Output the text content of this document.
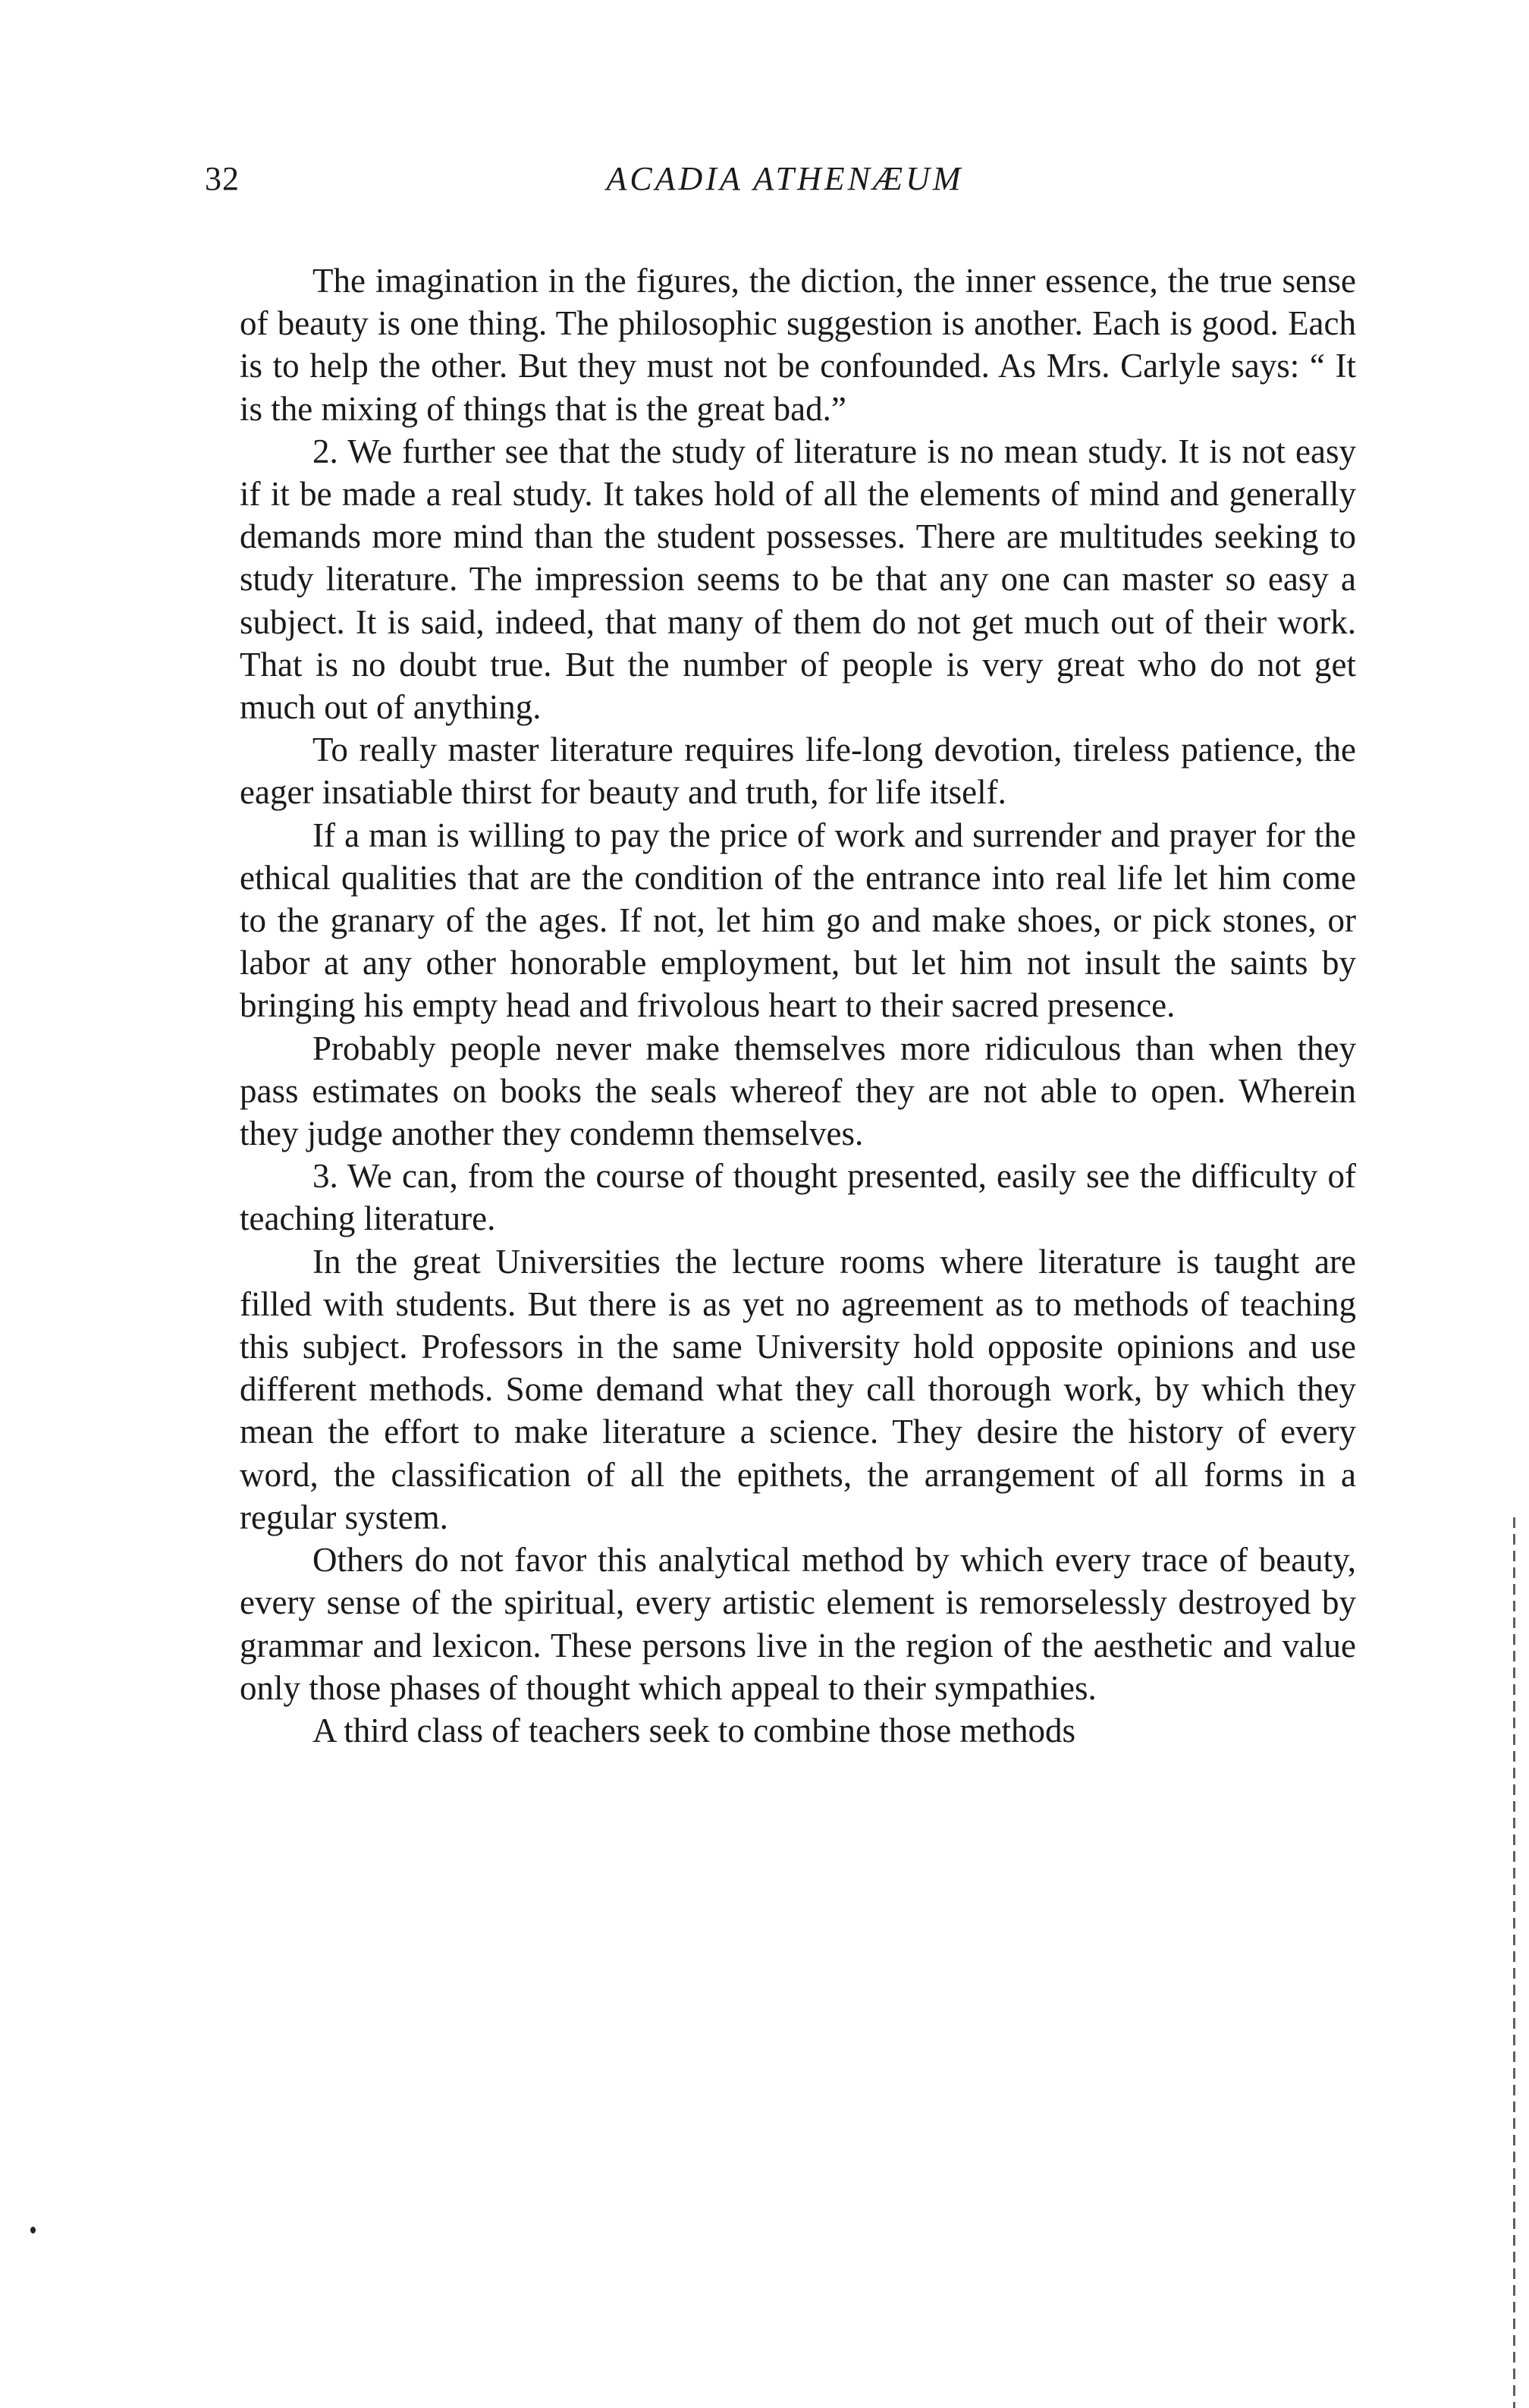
32	ACADIA ATHENÆUM

The imagination in the figures, the diction, the inner essence, the true sense of beauty is one thing. The philosophic suggestion is another. Each is good. Each is to help the other. But they must not be confounded. As Mrs. Carlyle says: “ It is the mixing of things that is the great bad.”

2. We further see that the study of literature is no mean study. It is not easy if it be made a real study. It takes hold of all the elements of mind and generally demands more mind than the student possesses. There are multitudes seeking to study literature. The impression seems to be that any one can master so easy a subject. It is said, indeed, that many of them do not get much out of their work. That is no doubt true. But the number of people is very great who do not get much out of anything.

To really master literature requires life-long devotion, tireless patience, the eager insatiable thirst for beauty and truth, for life itself.

If a man is willing to pay the price of work and surrender and prayer for the ethical qualities that are the condition of the entrance into real life let him come to the granary of the ages. If not, let him go and make shoes, or pick stones, or labor at any other honorable employment, but let him not insult the saints by bringing his empty head and frivolous heart to their sacred presence.

Probably people never make themselves more ridiculous than when they pass estimates on books the seals whereof they are not able to open. Wherein they judge another they condemn themselves.

3. We can, from the course of thought presented, easily see the difficulty of teaching literature.

In the great Universities the lecture rooms where literature is taught are filled with students. But there is as yet no agreement as to methods of teaching this subject. Professors in the same University hold opposite opinions and use different methods. Some demand what they call thorough work, by which they mean the effort to make literature a science. They desire the history of every word, the classification of all the epithets, the arrangement of all forms in a regular system.

Others do not favor this analytical method by which every trace of beauty, every sense of the spiritual, every artistic element is remorselessly destroyed by grammar and lexicon. These persons live in the region of the aesthetic and value only those phases of thought which appeal to their sympathies.

A third class of teachers seek to combine those methods
